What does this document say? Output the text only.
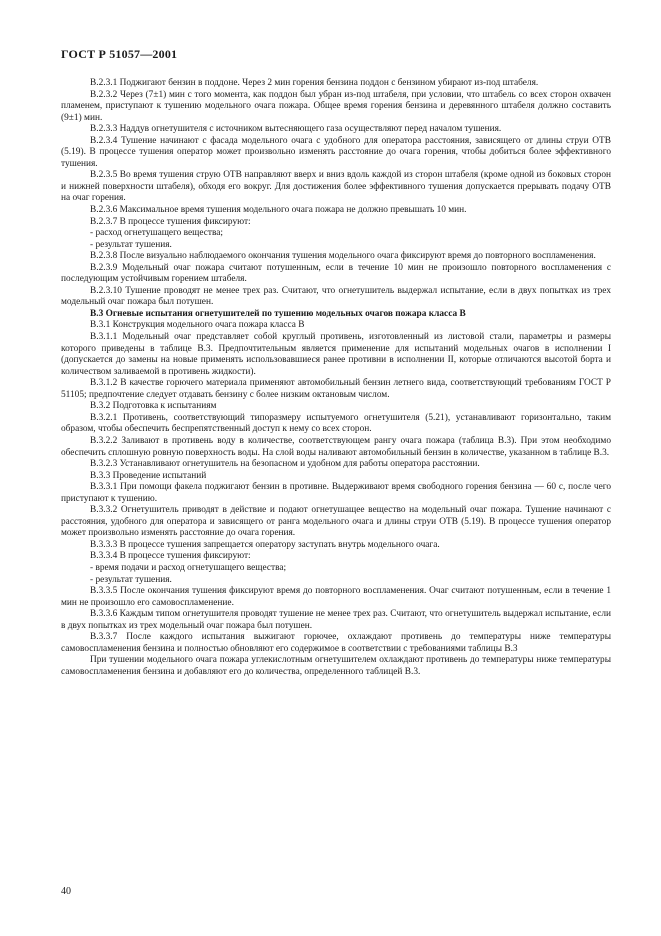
ГОСТ Р 51057—2001

В.2.3.1 Поджигают бензин в поддоне. Через 2 мин горения бензина поддон с бензином убирают из-под штабеля.

В.2.3.2 Через (7±1) мин с того момента, как поддон был убран из-под штабеля, при условии, что штабель со всех сторон охвачен пламенем, приступают к тушению модельного очага пожара. Общее время горения бензина и деревянного штабеля должно составить (9±1) мин.

В.2.3.3 Наддув огнетушителя с источником вытесняющего газа осуществляют перед началом тушения.

В.2.3.4 Тушение начинают с фасада модельного очага с удобного для оператора расстояния, зависящего от длины струи ОТВ (5.19). В процессе тушения оператор может произвольно изменять расстояние до очага горения, чтобы добиться более эффективного тушения.

В.2.3.5 Во время тушения струю ОТВ направляют вверх и вниз вдоль каждой из сторон штабеля (кроме одной из боковых сторон и нижней поверхности штабеля), обходя его вокруг. Для достижения более эффективного тушения допускается прерывать подачу ОТВ на очаг горения.

В.2.3.6 Максимальное время тушения модельного очага пожара не должно превышать 10 мин.

В.2.3.7 В процессе тушения фиксируют:

- расход огнетушащего вещества;

- результат тушения.

В.2.3.8 После визуально наблюдаемого окончания тушения модельного очага фиксируют время до повторного воспламенения.

В.2.3.9 Модельный очаг пожара считают потушенным, если в течение 10 мин не произошло повторного воспламенения с последующим устойчивым горением штабеля.

В.2.3.10 Тушение проводят не менее трех раз. Считают, что огнетушитель выдержал испытание, если в двух попытках из трех модельный очаг пожара был потушен.

В.3 Огневые испытания огнетушителей по тушению модельных очагов пожара класса В

В.3.1 Конструкция модельного очага пожара класса В

В.3.1.1 Модельный очаг представляет собой круглый противень, изготовленный из листовой стали, параметры и размеры которого приведены в таблице В.3. Предпочтительным является применение для испытаний модельных очагов в исполнении I (допускается до замены на новые применять использовавшиеся ранее противни в исполнении II, которые отличаются высотой борта и количеством заливаемой в противень жидкости).

В.3.1.2 В качестве горючего материала применяют автомобильный бензин летнего вида, соответствующий требованиям ГОСТ Р 51105; предпочтение следует отдавать бензину с более низким октановым числом.

В.3.2 Подготовка к испытаниям

В.3.2.1 Противень, соответствующий типоразмеру испытуемого огнетушителя (5.21), устанавливают горизонтально, таким образом, чтобы обеспечить беспрепятственный доступ к нему со всех сторон.

В.3.2.2 Заливают в противень воду в количестве, соответствующем рангу очага пожара (таблица В.3). При этом необходимо обеспечить сплошную ровную поверхность воды. На слой воды наливают автомобильный бензин в количестве, указанном в таблице В.3.

В.3.2.3 Устанавливают огнетушитель на безопасном и удобном для работы оператора расстоянии.

В.3.3 Проведение испытаний

В.3.3.1 При помощи факела поджигают бензин в противне. Выдерживают время свободного горения бензина — 60 с, после чего приступают к тушению.

В.3.3.2 Огнетушитель приводят в действие и подают огнетушащее вещество на модельный очаг пожара. Тушение начинают с расстояния, удобного для оператора и зависящего от ранга модельного очага и длины струи ОТВ (5.19). В процессе тушения оператор может произвольно изменять расстояние до очага горения.

В.3.3.3 В процессе тушения запрещается оператору заступать внутрь модельного очага.

В.3.3.4 В процессе тушения фиксируют:

- время подачи и расход огнетушащего вещества;

- результат тушения.

В.3.3.5 После окончания тушения фиксируют время до повторного воспламенения. Очаг считают потушенным, если в течение 1 мин не произошло его самовоспламенение.

В.3.3.6 Каждым типом огнетушителя проводят тушение не менее трех раз. Считают, что огнетушитель выдержал испытание, если в двух попытках из трех модельный очаг пожара был потушен.

В.3.3.7 После каждого испытания выжигают горючее, охлаждают противень до температуры ниже температуры самовоспламенения бензина и полностью обновляют его содержимое в соответствии с требованиями таблицы В.3

При тушении модельного очага пожара углекислотным огнетушителем охлаждают противень до температуры ниже температуры самовоспламенения бензина и добавляют его до количества, определенного таблицей В.3.

40
